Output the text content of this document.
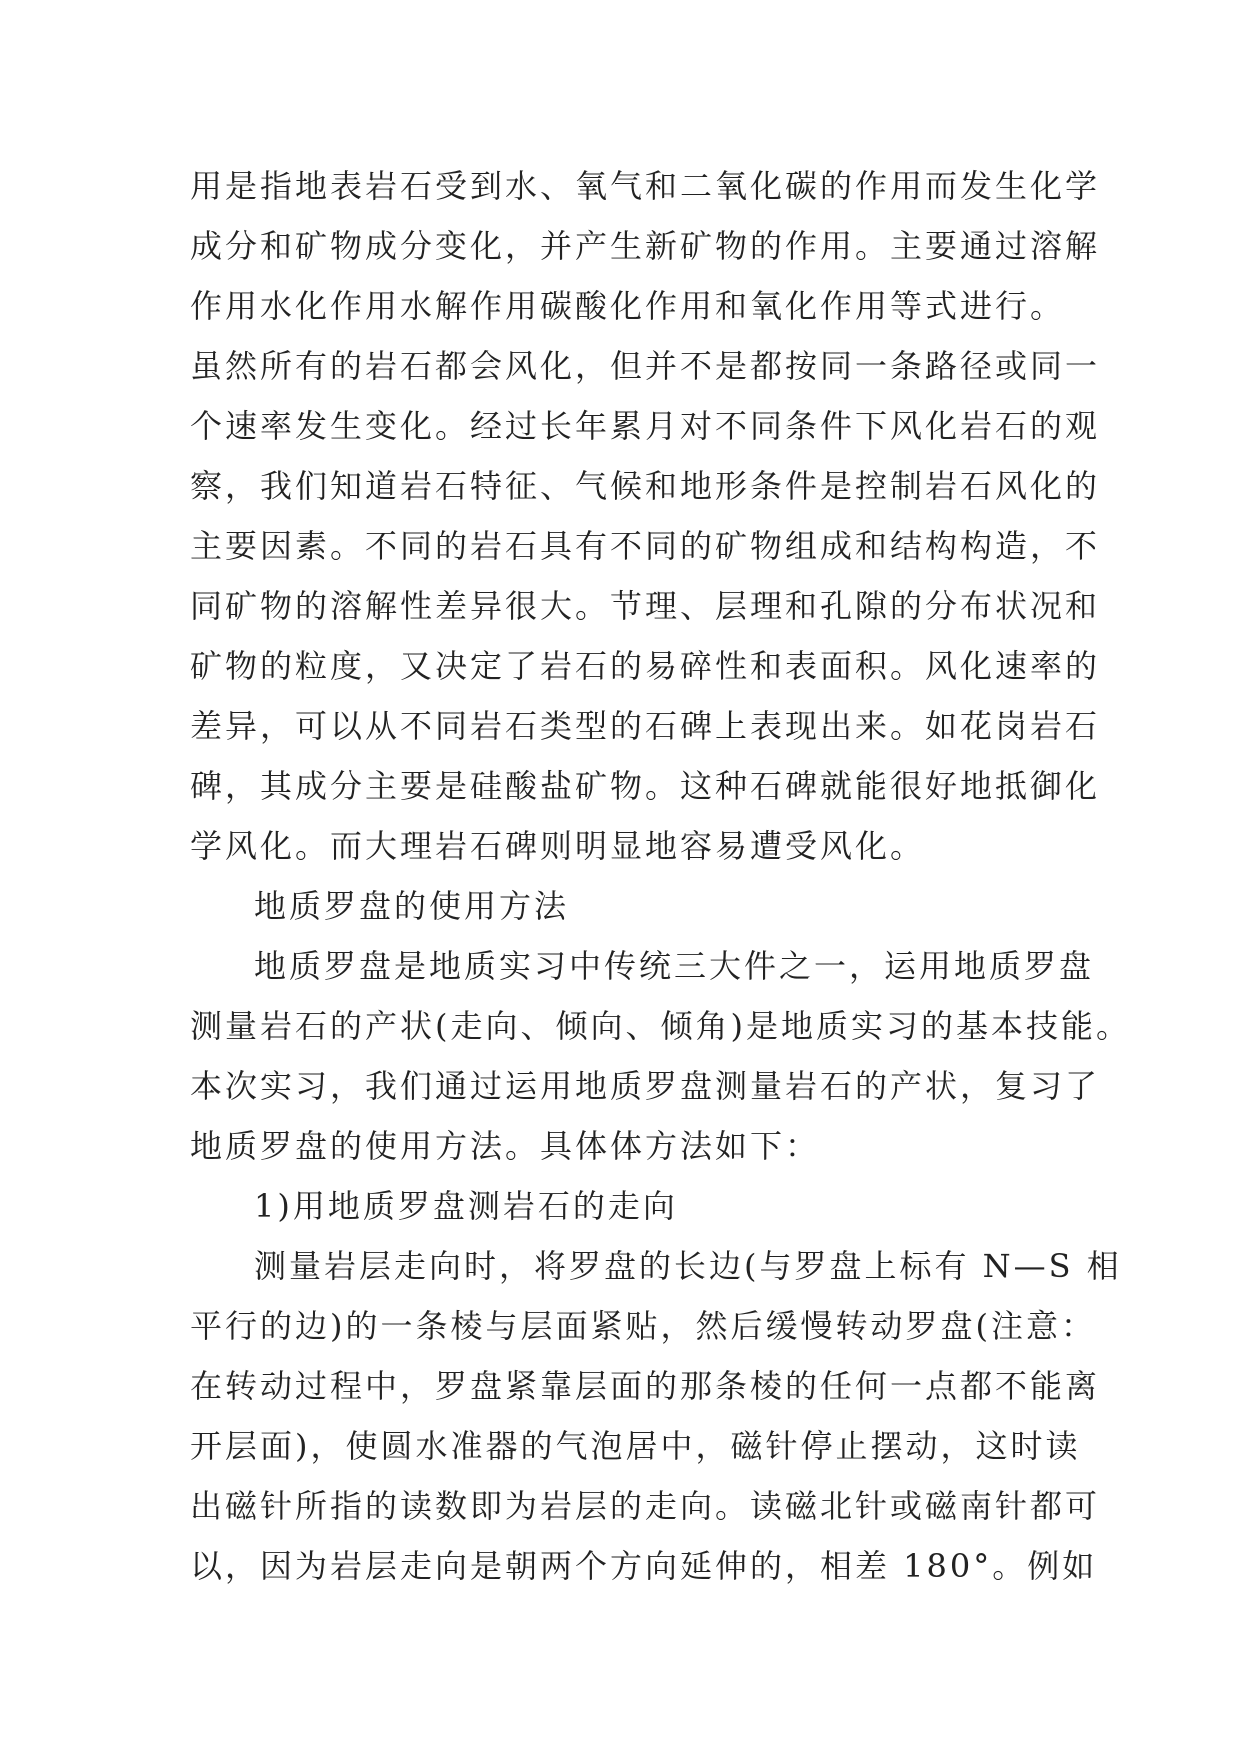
用是指地表岩石受到水、氧气和二氧化碳的作用而发生化学
成分和矿物成分变化，并产生新矿物的作用。主要通过溶解
作用水化作用水解作用碳酸化作用和氧化作用等式进行。
虽然所有的岩石都会风化，但并不是都按同一条路径或同一
个速率发生变化。经过长年累月对不同条件下风化岩石的观
察，我们知道岩石特征、气候和地形条件是控制岩石风化的
主要因素。不同的岩石具有不同的矿物组成和结构构造，不
同矿物的溶解性差异很大。节理、层理和孔隙的分布状况和
矿物的粒度，又决定了岩石的易碎性和表面积。风化速率的
差异，可以从不同岩石类型的石碑上表现出来。如花岗岩石
碑，其成分主要是硅酸盐矿物。这种石碑就能很好地抵御化
学风化。而大理岩石碑则明显地容易遭受风化。
地质罗盘的使用方法
地质罗盘是地质实习中传统三大件之一，运用地质罗盘
测量岩石的产状(走向、倾向、倾角)是地质实习的基本技能。
本次实习，我们通过运用地质罗盘测量岩石的产状，复习了
地质罗盘的使用方法。具体体方法如下：
1)用地质罗盘测岩石的走向
测量岩层走向时，将罗盘的长边(与罗盘上标有 N—S 相
平行的边)的一条棱与层面紧贴，然后缓慢转动罗盘(注意：
在转动过程中，罗盘紧靠层面的那条棱的任何一点都不能离
开层面)，使圆水准器的气泡居中，磁针停止摆动，这时读
出磁针所指的读数即为岩层的走向。读磁北针或磁南针都可
以，因为岩层走向是朝两个方向延伸的，相差 180°。例如
